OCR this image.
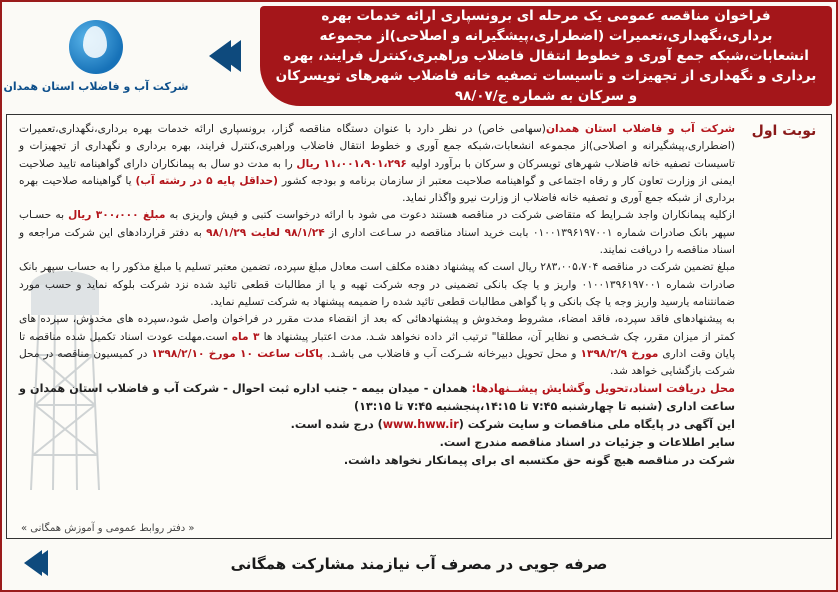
شرکت آب و فاضلاب استان همدان
فراخوان مناقصه عمومی یک مرحله ای برونسپاری ارائه خدمات بهره برداری،نگهداری،تعمیرات (اضطراری،پیشگیرانه و اصلاحی)از مجموعه انشعابات،شبکه جمع آوری و خطوط انتقال فاضلاب وراهبری،کنترل فرایند، بهره برداری و نگهداری از تجهیزات و تاسیسات تصفیه خانه فاضلاب شهرهای تویسرکان و سرکان به شماره ج/۹۸/۰۷
نوبت اول

شرکت آب و فاضلاب استان همدان(سهامی خاص) در نظر دارد با عنوان دستگاه مناقصه گزار، برونسپاری ارائه خدمات بهره برداری،نگهداری،تعمیرات (اضطراری،پیشگیرانه و اصلاحی)از مجموعه انشعابات،شبکه جمع آوری و خطوط انتقال فاضلاب وراهبری،کنترل فرایند، بهره برداری و نگهداری از تجهیزات و تاسیسات تصفیه خانه فاضلاب شهرهای تویسرکان و سرکان با برآورد اولیه ۱۱،۰۰۱،۹۰۱،۲۹۶ ریال را به مدت دو سال به پیمانکاران دارای گواهینامه تایید صلاحیت ایمنی از وزارت تعاون کار و رفاه اجتماعی و گواهینامه صلاحیت معتبر از سازمان برنامه و بودجه کشور (حداقل پایه ۵ در رشته آب) یا گواهینامه صلاحیت بهره برداری از شبکه جمع آوری و تصفیه خانه فاضلاب از وزارت نیرو واگذار نماید.

ازکلیه پیمانکاران واجد شـرایط که متقاضی شرکت در مناقصه هستند دعوت می شود با ارائه درخواست کتبی و فیش واریزی به مبلغ ۳۰۰،۰۰۰ ریال به حسـاب سپهر بانک صادرات شماره ۰۱۰۰۱۳۹۶۱۹۷۰۰۱ بابت خرید اسناد مناقصه در سـاعت اداری از ۹۸/۱/۲۴ لغایت ۹۸/۱/۲۹ به دفتر قراردادهای این شرکت مراجعه و اسناد مناقصه را دریافت نمایند.

مبلغ تضمین شرکت در مناقصه ۲۸۳،۰۰۵،۷۰۴ ریال است که پیشنهاد دهنده مکلف است معادل مبلغ سپرده، تضمین معتبر تسلیم یا مبلغ مذکور را به حساب سپهر بانک صادرات شماره ۰۱۰۰۱۳۹۶۱۹۷۰۰۱ واریز و یا چک بانکی تضمینی در وجه شرکت تهیه و یا از مطالبات قطعی تائید شده نزد شرکت بلوکه نماید و حسب مورد ضمانتنامه یارسید واریز وجه یا چک بانکی و یا گواهی مطالبات قطعی تائید شده را ضمیمه پیشنهاد به شرکت تسلیم نماید.

به پیشنهادهای فاقد سپرده، فاقد امضاء، مشروط ومخدوش و پیشنهادهائی که بعد از انقضاء مدت مقرر در فراخوان واصل شود،سپرده های مخدوش، سپرده های کمتر از میزان مقرر، چک شـخصی و نظایر آن، مطلقا" ترتیب اثر داده نخواهد شـد. مدت اعتبار پیشنهاد ها ۳ ماه است.مهلت عودت اسناد تکمیل شده مناقصه تا پایان وقت اداری مورخ ۱۳۹۸/۲/۹ و محل تحویل دبیرخانه شـرکت آب و فاضلاب می باشـد. پاکات ساعت ۱۰ مورخ ۱۳۹۸/۲/۱۰ در کمیسیون مناقصه در محل شرکت بازگشایی خواهد شد.

محل دریافت اسناد،تحویل وگشایش پیشــنهادها: همدان - میدان بیمه - جنب اداره ثبت احوال - شرکت آب و فاضلاب استان همدان و ساعت اداری (شنبه تا چهارشنبه ۷:۴۵ تا ۱۴:۱۵،پنجشنبه ۷:۴۵ تا ۱۳:۱۵)

این آگهی در پایگاه ملی مناقصات و سایت شرکت (www.hww.ir) درج شده است.

سایر اطلاعات و جزئیات در اسناد مناقصه مندرج است.

شرکت در مناقصه هیچ گونه حق مکتسبه ای برای پیمانکار نخواهد داشت.

« دفتر روابط عمومی و آموزش همگانی »
صرفه جویی در مصرف آب نیازمند مشارکت همگانی
